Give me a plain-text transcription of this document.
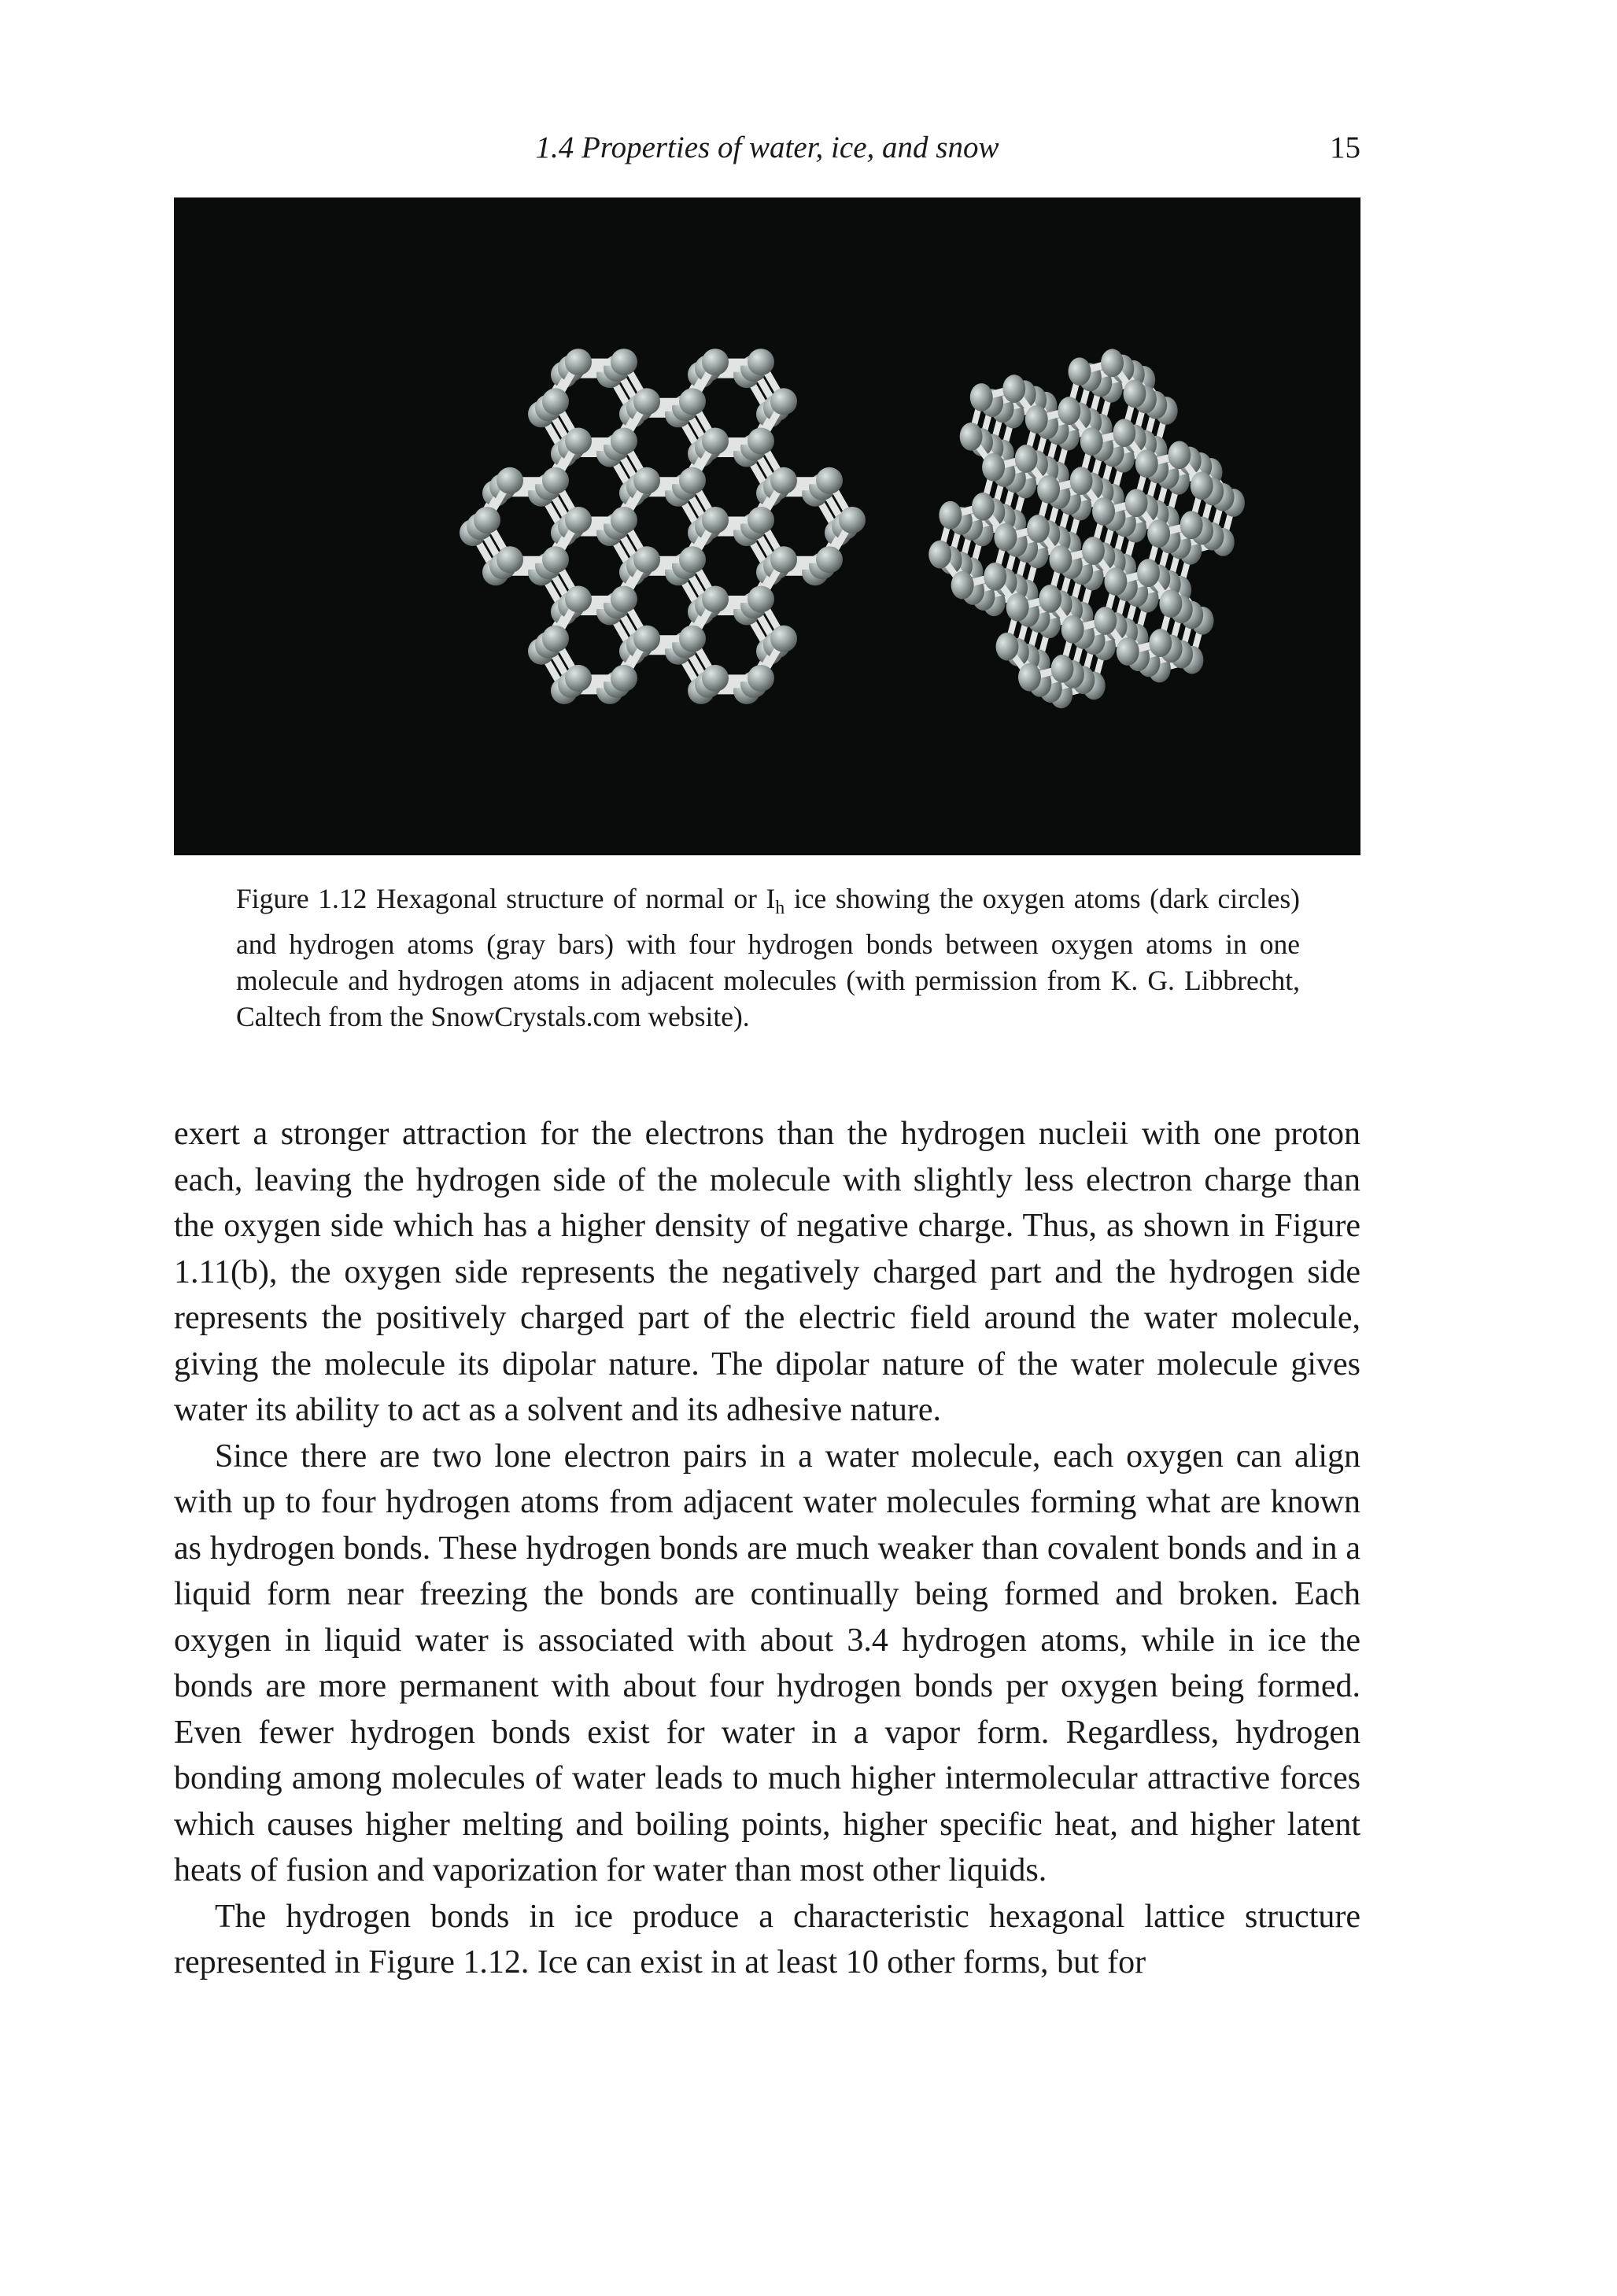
1.4 Properties of water, ice, and snow	15
Figure 1.12 Hexagonal structure of normal or $I_h$ ice showing the oxygen atoms (dark circles) and hydrogen atoms (gray bars) with four hydrogen bonds between oxygen atoms in one molecule and hydrogen atoms in adjacent molecules (with permission from K. G. Libbrecht, Caltech from the SnowCrystals.com website).

exert a stronger attraction for the electrons than the hydrogen nucleii with one proton each, leaving the hydrogen side of the molecule with slightly less electron charge than the oxygen side which has a higher density of negative charge. Thus, as shown in Figure 1.11(b), the oxygen side represents the negatively charged part and the hydrogen side represents the positively charged part of the electric field around the water molecule, giving the molecule its dipolar nature. The dipolar nature of the water molecule gives water its ability to act as a solvent and its adhesive nature.

Since there are two lone electron pairs in a water molecule, each oxygen can align with up to four hydrogen atoms from adjacent water molecules forming what are known as hydrogen bonds. These hydrogen bonds are much weaker than covalent bonds and in a liquid form near freezing the bonds are continually being formed and broken. Each oxygen in liquid water is associated with about 3.4 hydrogen atoms, while in ice the bonds are more permanent with about four hydrogen bonds per oxygen being formed. Even fewer hydrogen bonds exist for water in a vapor form. Regardless, hydrogen bonding among molecules of water leads to much higher intermolecular attractive forces which causes higher melting and boiling points, higher specific heat, and higher latent heats of fusion and vaporization for water than most other liquids.

The hydrogen bonds in ice produce a characteristic hexagonal lattice structure represented in Figure 1.12. Ice can exist in at least 10 other forms, but for
